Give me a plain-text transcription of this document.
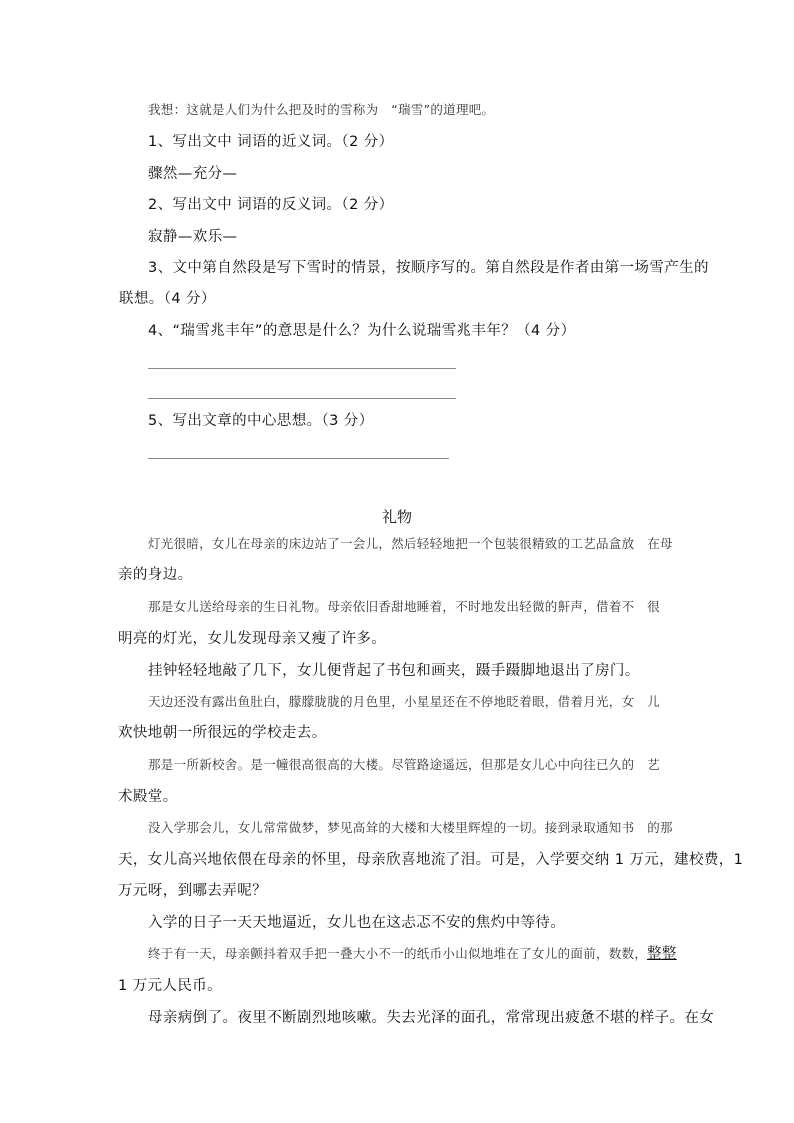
我想：这就是人们为什么把及时的雪称为　“瑞雪”的道理吧。
1、写出文中 词语的近义词。（2 分）
骤然—充分—
2、写出文中 词语的反义词。（2 分）
寂静—欢乐—
3、文中第自然段是写下雪时的情景，按顺序写的。第自然段是作者由第一场雪产生的
联想。（4 分）
4、“瑞雪兆丰年”的意思是什么？为什么说瑞雪兆丰年？（4 分）
5、写出文章的中心思想。（3 分）
礼物
灯光很暗，女儿在母亲的床边站了一会儿，然后轻轻地把一个包装很精致的工艺品盒放　在母
亲的身边。
那是女儿送给母亲的生日礼物。母亲依旧香甜地睡着，不时地发出轻微的鼾声，借着不　很
明亮的灯光，女儿发现母亲又瘦了许多。
挂钟轻轻地敲了几下，女儿便背起了书包和画夹，蹑手蹑脚地退出了房门。
天边还没有露出鱼肚白，朦朦胧胧的月色里，小星星还在不停地眨着眼，借着月光，女　儿
欢快地朝一所很远的学校走去。
那是一所新校舍。是一幢很高很高的大楼。尽管路途遥远，但那是女儿心中向往已久的　艺
术殿堂。
没入学那会儿，女儿常常做梦，梦见高耸的大楼和大楼里辉煌的一切。接到录取通知书　的那
天，女儿高兴地依偎在母亲的怀里，母亲欣喜地流了泪。可是，入学要交纳 1 万元，建校费，1
万元呀，到哪去弄呢？
入学的日子一天天地逼近，女儿也在这忐忑不安的焦灼中等待。
终于有一天，母亲颤抖着双手把一叠大小不一的纸币小山似地堆在了女儿的面前，数数， 整整
1 万元人民币。
母亲病倒了。夜里不断剧烈地咳嗽。失去光泽的面孔，常常现出疲惫不堪的样子。在女
